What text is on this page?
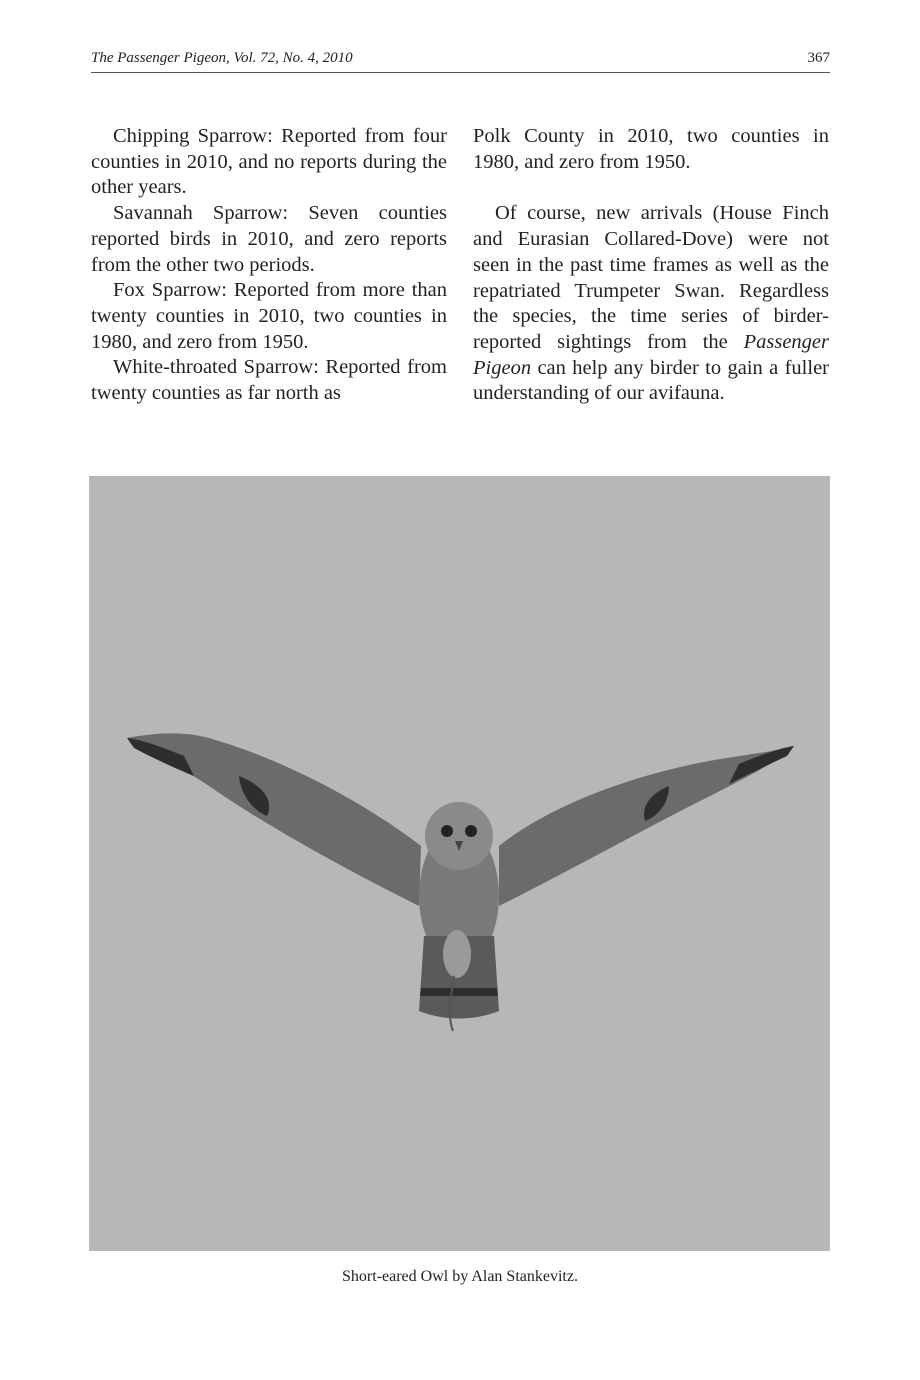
The Passenger Pigeon, Vol. 72, No. 4, 2010	367

Chipping Sparrow: Reported from four counties in 2010, and no reports during the other years.

Savannah Sparrow: Seven counties reported birds in 2010, and zero reports from the other two periods.

Fox Sparrow: Reported from more than twenty counties in 2010, two counties in 1980, and zero from 1950.

White-throated Sparrow: Reported from twenty counties as far north as

Polk County in 2010, two counties in 1980, and zero from 1950.

Of course, new arrivals (House Finch and Eurasian Collared-Dove) were not seen in the past time frames as well as the repatriated Trumpeter Swan. Regardless the species, the time series of birder-reported sightings from the Passenger Pigeon can help any birder to gain a fuller understanding of our avifauna.

Short-eared Owl by Alan Stankevitz.
